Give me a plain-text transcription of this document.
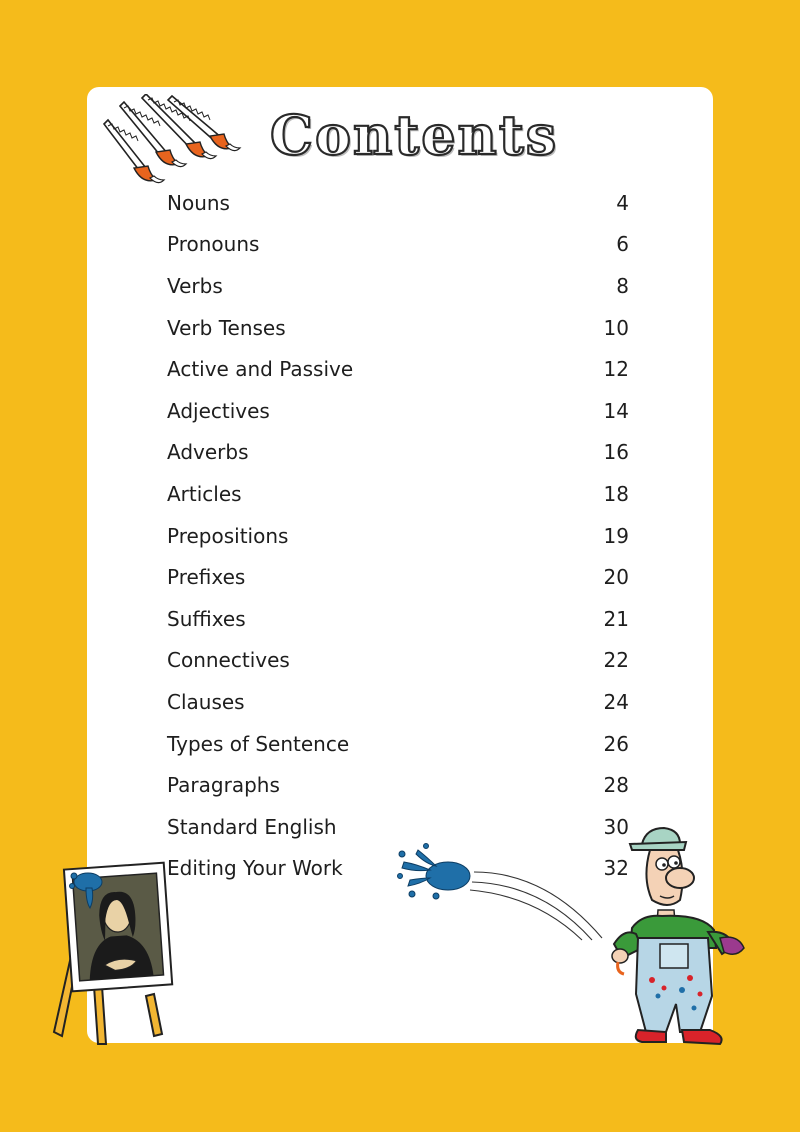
Contents
Nouns	4
Pronouns	6
Verbs	8
Verb Tenses	10
Active and Passive	12
Adjectives	14
Adverbs	16
Articles	18
Prepositions	19
Prefixes	20
Suffixes	21
Connectives	22
Clauses	24
Types of Sentence	26
Paragraphs	28
Standard English	30
Editing Your Work	32
